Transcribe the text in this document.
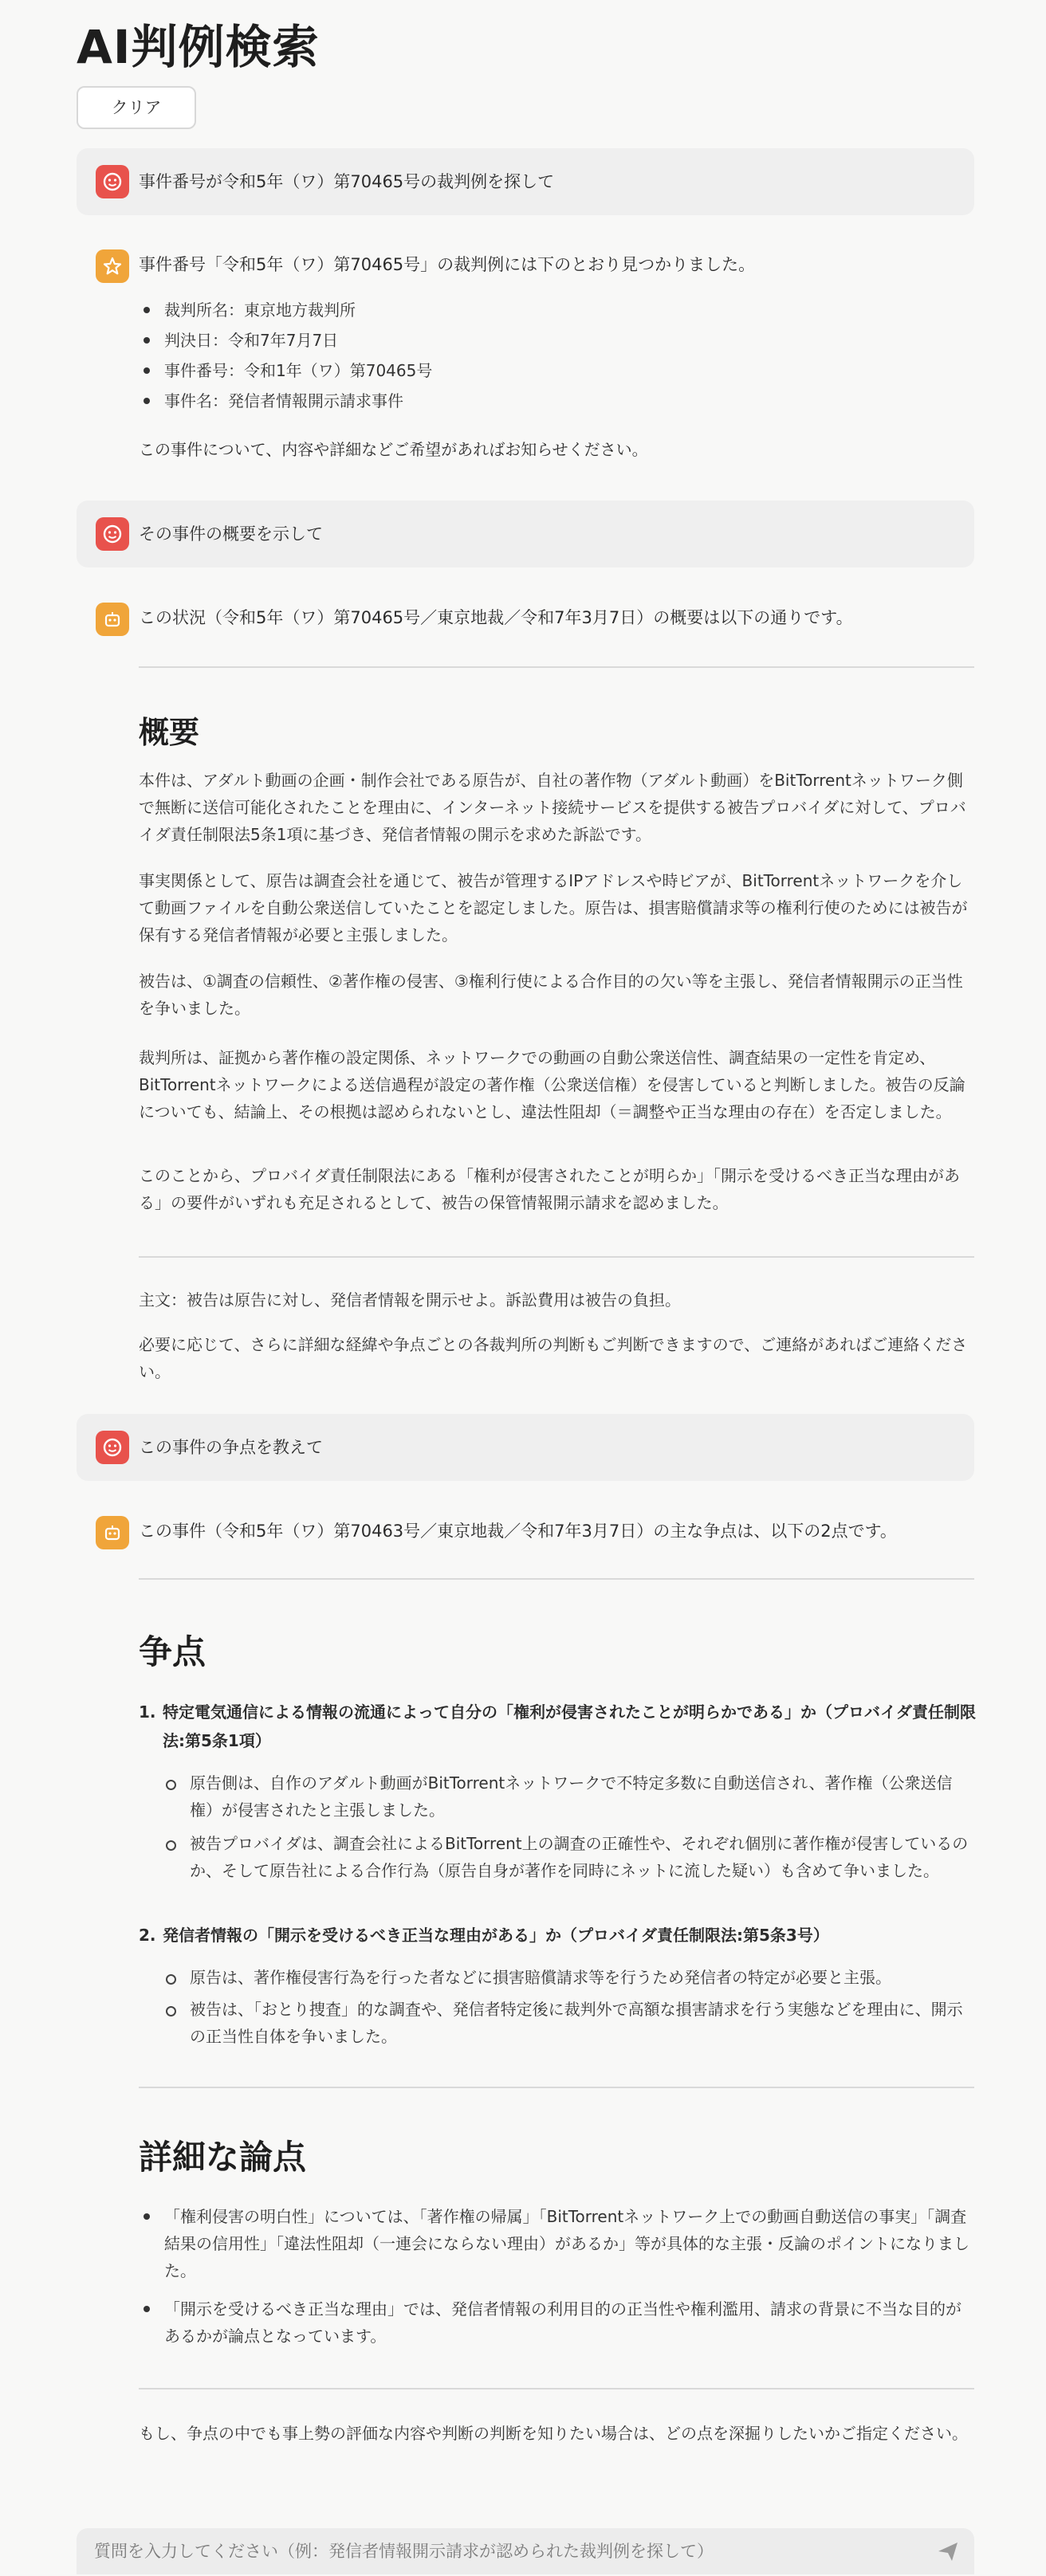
AI判例検索
クリア
事件番号が令和5年（ワ）第70465号の裁判例を探して
事件番号「令和5年（ワ）第70465号」の裁判例には下のとおり見つかりました。
裁判所名：東京地方裁判所
判決日：令和7年7月7日
事件番号：令和1年（ワ）第70465号
事件名：発信者情報開示請求事件
この事件について、内容や詳細などご希望があればお知らせください。
その事件の概要を示して
この状況（令和5年（ワ）第70465号／東京地裁／令和7年3月7日）の概要は以下の通りです。
概要
本件は、アダルト動画の企画・制作会社である原告が、自社の著作物（アダルト動画）をBitTorrentネットワーク側で無断に送信可能化されたことを理由に、インターネット接続サービスを提供する被告プロバイダに対して、プロバイダ責任制限法5条1項に基づき、発信者情報の開示を求めた訴訟です。
事実関係として、原告は調査会社を通じて、被告が管理するIPアドレスや時ビアが、BitTorrentネットワークを介して動画ファイルを自動公衆送信していたことを認定しました。原告は、損害賠償請求等の権利行使のためには被告が保有する発信者情報が必要と主張しました。
被告は、①調査の信頼性、②著作権の侵害、③権利行使による合作目的の欠い等を主張し、発信者情報開示の正当性を争いました。
裁判所は、証拠から著作権の設定関係、ネットワークでの動画の自動公衆送信性、調査結果の一定性を肯定め、BitTorrentネットワークによる送信過程が設定の著作権（公衆送信権）を侵害していると判断しました。被告の反論についても、結論上、その根拠は認められないとし、違法性阻却（＝調整や正当な理由の存在）を否定しました。
このことから、プロバイダ責任制限法にある「権利が侵害されたことが明らか」「開示を受けるべき正当な理由がある」の要件がいずれも充足されるとして、被告の保管情報開示請求を認めました。
主文：被告は原告に対し、発信者情報を開示せよ。訴訟費用は被告の負担。
必要に応じて、さらに詳細な経緯や争点ごとの各裁判所の判断もご判断できますので、ご連絡があればご連絡ください。
この事件の争点を教えて
この事件（令和5年（ワ）第70463号／東京地裁／令和7年3月7日）の主な争点は、以下の2点です。
争点
1. 特定電気通信による情報の流通によって自分の「権利が侵害されたことが明らかである」か（プロバイダ責任制限法:第5条1項）
原告側は、自作のアダルト動画がBitTorrentネットワークで不特定多数に自動送信され、著作権（公衆送信権）が侵害されたと主張しました。
被告プロバイダは、調査会社によるBitTorrent上の調査の正確性や、それぞれ個別に著作権が侵害しているのか、そして原告社による合作行為（原告自身が著作を同時にネットに流した疑い）も含めて争いました。
2. 発信者情報の「開示を受けるべき正当な理由がある」か（プロバイダ責任制限法:第5条3号）
原告は、著作権侵害行為を行った者などに損害賠償請求等を行うため発信者の特定が必要と主張。
被告は、「おとり捜査」的な調査や、発信者特定後に裁判外で高額な損害請求を行う実態などを理由に、開示の正当性自体を争いました。
詳細な論点
「権利侵害の明白性」については、「著作権の帰属」「BitTorrentネットワーク上での動画自動送信の事実」「調査結果の信用性」「違法性阻却（一連会にならない理由）があるか」等が具体的な主張・反論のポイントになりました。
「開示を受けるべき正当な理由」では、発信者情報の利用目的の正当性や権利濫用、請求の背景に不当な目的があるかが論点となっています。
もし、争点の中でも事上勢の評価な内容や判断の判断を知りたい場合は、どの点を深掘りしたいかご指定ください。
質問を入力してください（例：発信者情報開示請求が認められた裁判例を探して）
